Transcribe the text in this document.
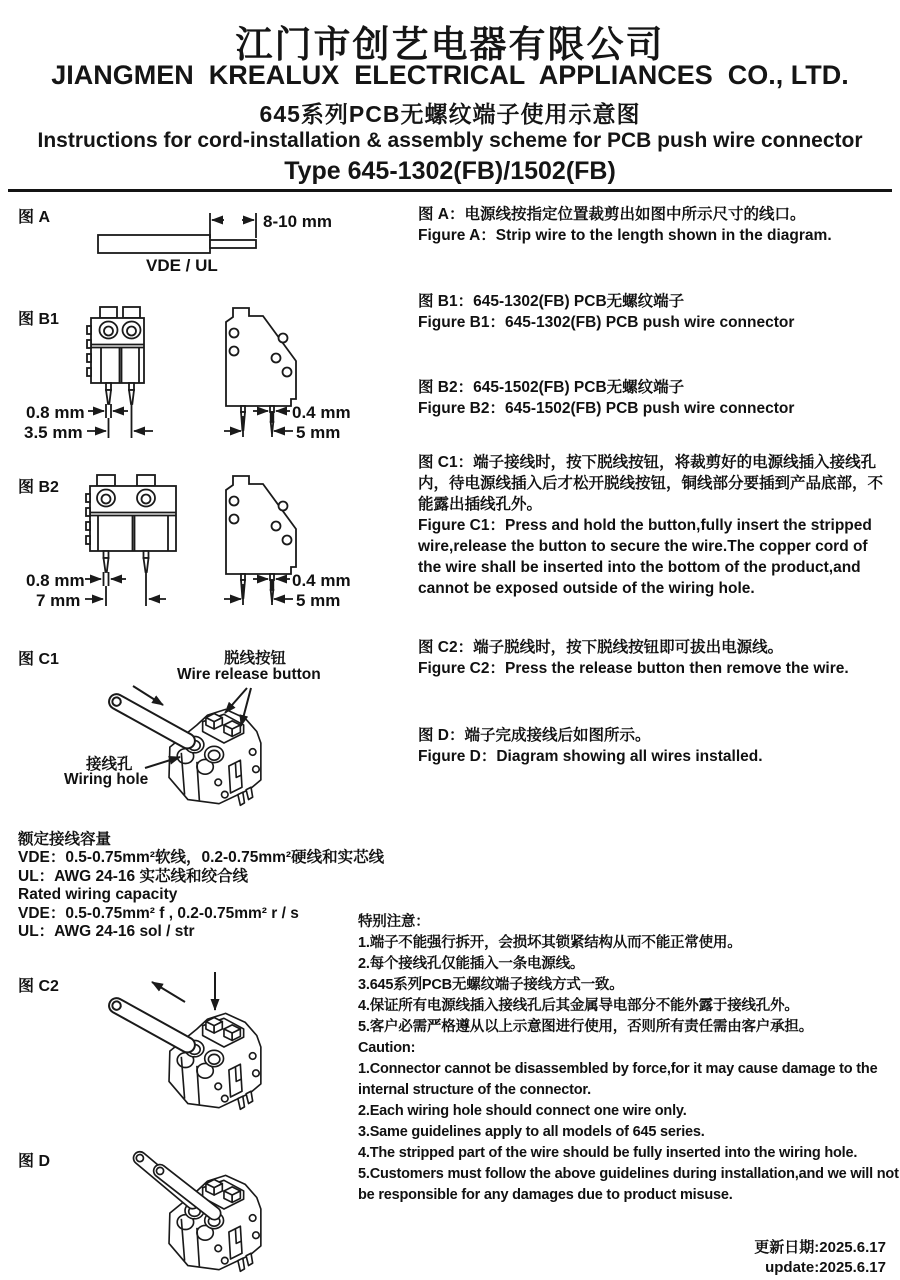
江门市创艺电器有限公司
JIANGMEN  KREALUX  ELECTRICAL  APPLIANCES  CO., LTD.
645系列PCB无螺纹端子使用示意图
Instructions for cord-installation & assembly scheme for PCB push wire connector
Type 645-1302(FB)/1502(FB)
图 A	8-10 mm
VDE / UL
图 B1
0.8 mm
3.5 mm
0.4 mm
5 mm
图 B2
0.8 mm
7 mm
0.4 mm
5 mm
图 C1	脱线按钮
Wire release button
接线孔
Wiring hole
额定接线容量
VDE：0.5-0.75mm²软线，0.2-0.75mm²硬线和实芯线
UL：AWG 24-16 实芯线和绞合线
Rated wiring capacity
VDE：0.5-0.75mm² f , 0.2-0.75mm² r / s
UL：AWG 24-16 sol / str
图 C2
图 D
图 A：电源线按指定位置裁剪出如图中所示尺寸的线口。
Figure A：Strip wire to the length shown in the diagram.
图 B1：645-1302(FB) PCB无螺纹端子
Figure B1：645-1302(FB) PCB push wire connector
图 B2：645-1502(FB) PCB无螺纹端子
Figure B2：645-1502(FB) PCB push wire connector
图 C1：端子接线时，按下脱线按钮，将裁剪好的电源线插入接线孔内，待电源线插入后才松开脱线按钮，铜线部分要插到产品底部，不能露出插线孔外。
Figure C1：Press and hold the button,fully insert the stripped wire,release the button to secure the wire.The copper cord of the wire shall be inserted into the bottom of the product,and cannot be exposed outside of the wiring hole.
图 C2：端子脱线时，按下脱线按钮即可拔出电源线。
Figure C2：Press the release button then remove the wire.
图 D：端子完成接线后如图所示。
Figure D：Diagram showing all wires installed.
特别注意：
1.端子不能强行拆开，会损坏其锁紧结构从而不能正常使用。
2.每个接线孔仅能插入一条电源线。
3.645系列PCB无螺纹端子接线方式一致。
4.保证所有电源线插入接线孔后其金属导电部分不能外露于接线孔外。
5.客户必需严格遵从以上示意图进行使用，否则所有责任需由客户承担。
Caution:
1.Connector cannot be disassembled by force,for it may cause damage to the internal structure of the connector.
2.Each wiring hole should connect one wire only.
3.Same guidelines apply to all models of 645 series.
4.The stripped part of the wire should be fully inserted into the wiring hole.
5.Customers must follow the above guidelines during installation,and we will not be responsible for any damages due to product misuse.
更新日期:2025.6.17
update:2025.6.17
